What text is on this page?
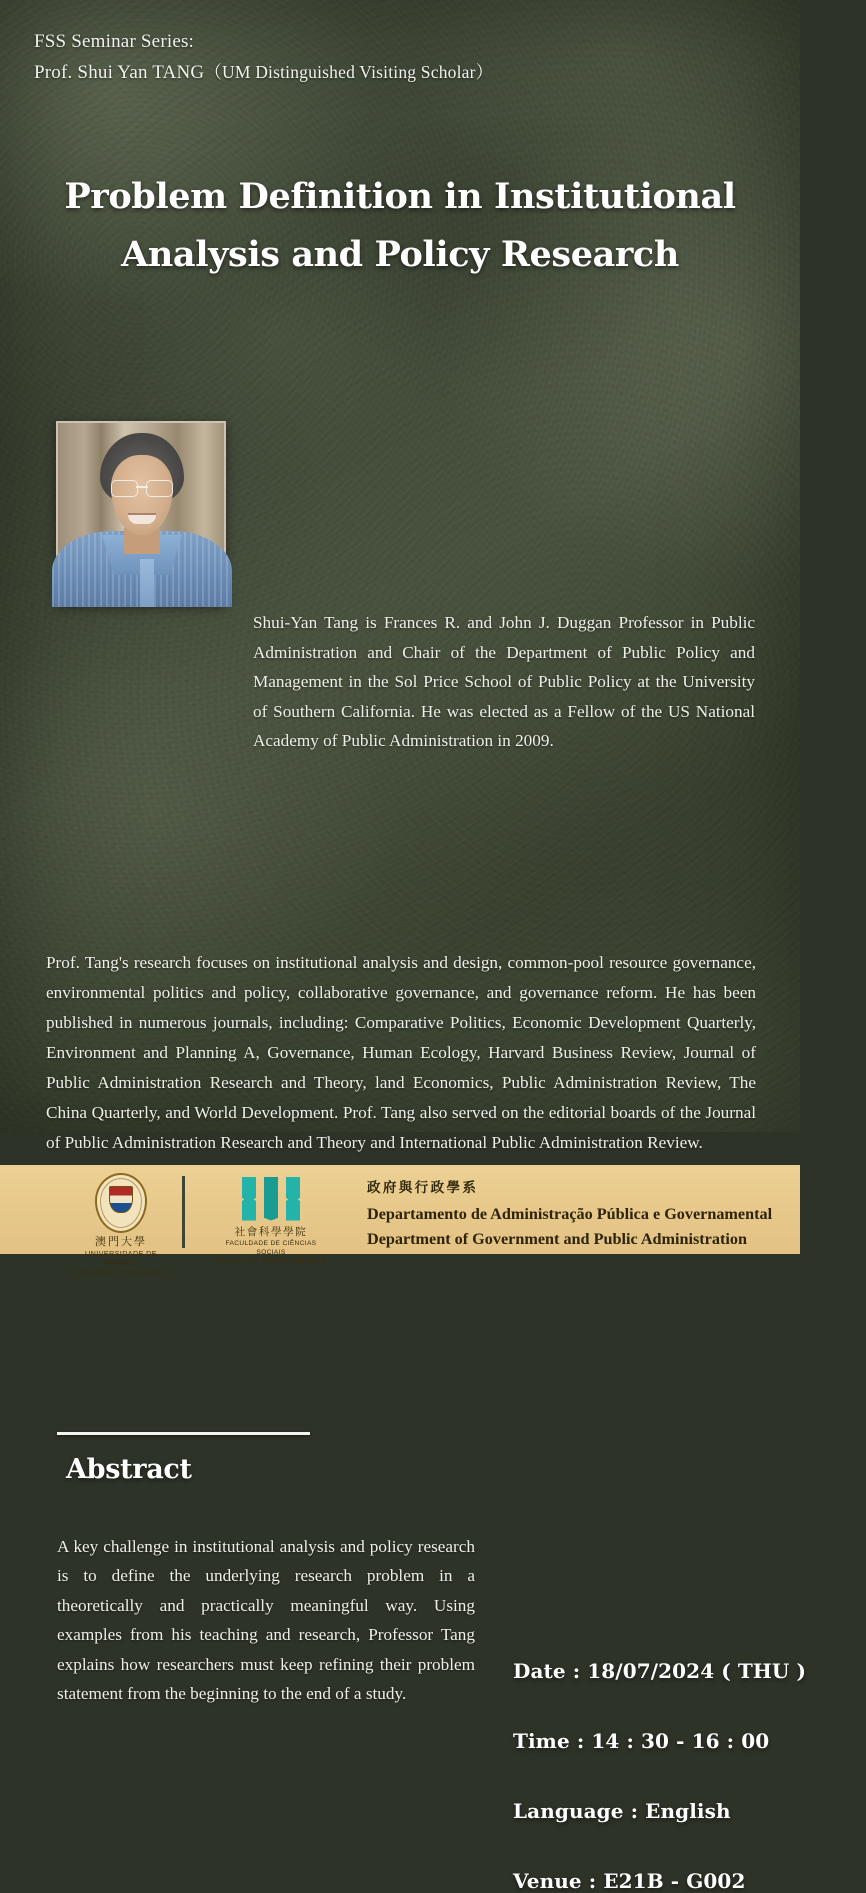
FSS Seminar Series:
Prof. Shui Yan TANG（UM Distinguished Visiting Scholar）
Problem Definition in Institutional
Analysis and Policy Research
Shui-Yan Tang is Frances R. and John J. Duggan Professor in Public Administration and Chair of the Department of Public Policy and Management in the Sol Price School of Public Policy at the University of Southern California. He was elected as a Fellow of the US National Academy of Public Administration in 2009.
Prof. Tang's research focuses on institutional analysis and design, common-pool resource governance, environmental politics and policy, collaborative governance, and governance reform. He has been published in numerous journals, including: Comparative Politics, Economic Development Quarterly, Environment and Planning A, Governance, Human Ecology, Harvard Business Review, Journal of Public Administration Research and Theory, land Economics, Public Administration Review, The China Quarterly, and World Development. Prof. Tang also served on the editorial boards of the Journal of Public Administration Research and Theory and International Public Administration Review.
Abstract
A key challenge in institutional analysis and policy research is to define the underlying research problem in a theoretically and practically meaningful way. Using examples from his teaching and research, Professor Tang explains how researchers must keep refining their problem statement from the beginning to the end of a study.
Date : 18/07/2024 ( THU )
Time : 14 : 30 - 16 : 00
Language : English
Venue : E21B - G002
澳門大學
UNIVERSIDADE DE MACAU
UNIVERSITY OF MACAU
社會科學學院
FACULDADE DE CIÊNCIAS SOCIAIS
FACULTY OF SOCIAL SCIENCES
政府與行政學系
Departamento de Administração Pública e Governamental
Department of Government and Public Administration
